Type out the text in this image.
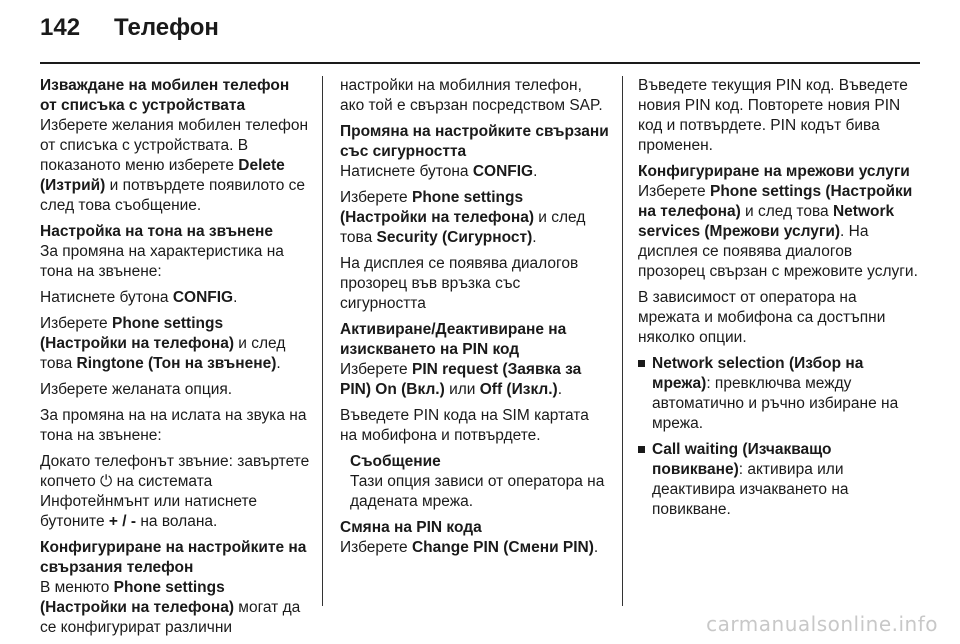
142 Телефон
Изваждане на мобилен телефон от списъка с устройствата

Изберете желания мобилен телефон от списъка с устройствата. В показаното меню изберете Delete (Изтрий) и потвърдете появилото се след това съобщение.

Настройка на тона на звънене

За промяна на характеристика на тона на звънене:

Натиснете бутона CONFIG.

Изберете Phone settings (Настройки на телефона) и след това Ringtone (Тон на звънене).

Изберете желаната опция.

За промяна на на ислата на звука на тона на звънене:

Докато телефонът звъние: завъртете копчето ⏻ на системата Инфотейнмънт или натиснете бутоните + / - на волана.

Конфигуриране на настройките на свързания телефон

В менюто Phone settings (Настройки на телефона) могат да се конфигурират различни

настройки на мобилния телефон, ако той е свързан посредством SAP.

Промяна на настройките свързани със сигурността

Натиснете бутона CONFIG.

Изберете Phone settings (Настройки на телефона) и след това Security (Сигурност).

На дисплея се появява диалогов прозорец във връзка със сигурността

Активиране/Деактивиране на изискването на PIN код

Изберете PIN request (Заявка за PIN) On (Вкл.) или Off (Изкл.).

Въведете PIN кода на SIM картата на мобифона и потвърдете.

Съобщение
Тази опция зависи от оператора на дадената мрежа.
Смяна на PIN кода

Изберете Change PIN (Смени PIN).

Въведете текущия PIN код. Въведете новия PIN код. Повторете новия PIN код и потвърдете. PIN кодът бива променен.

Конфигуриране на мрежови услуги

Изберете Phone settings (Настройки на телефона) и след това Network services (Мрежови услуги). На дисплея се появява диалогов прозорец свързан с мрежовите услуги.

В зависимост от оператора на мрежата и мобифона са достъпни няколко опции.

Network selection (Избор на мрежа): превключва между автоматично и ръчно избиране на мрежа.
Call waiting (Изчакващо повикване): активира или деактивира изчакването на повикване.
carmanualsonline.info
